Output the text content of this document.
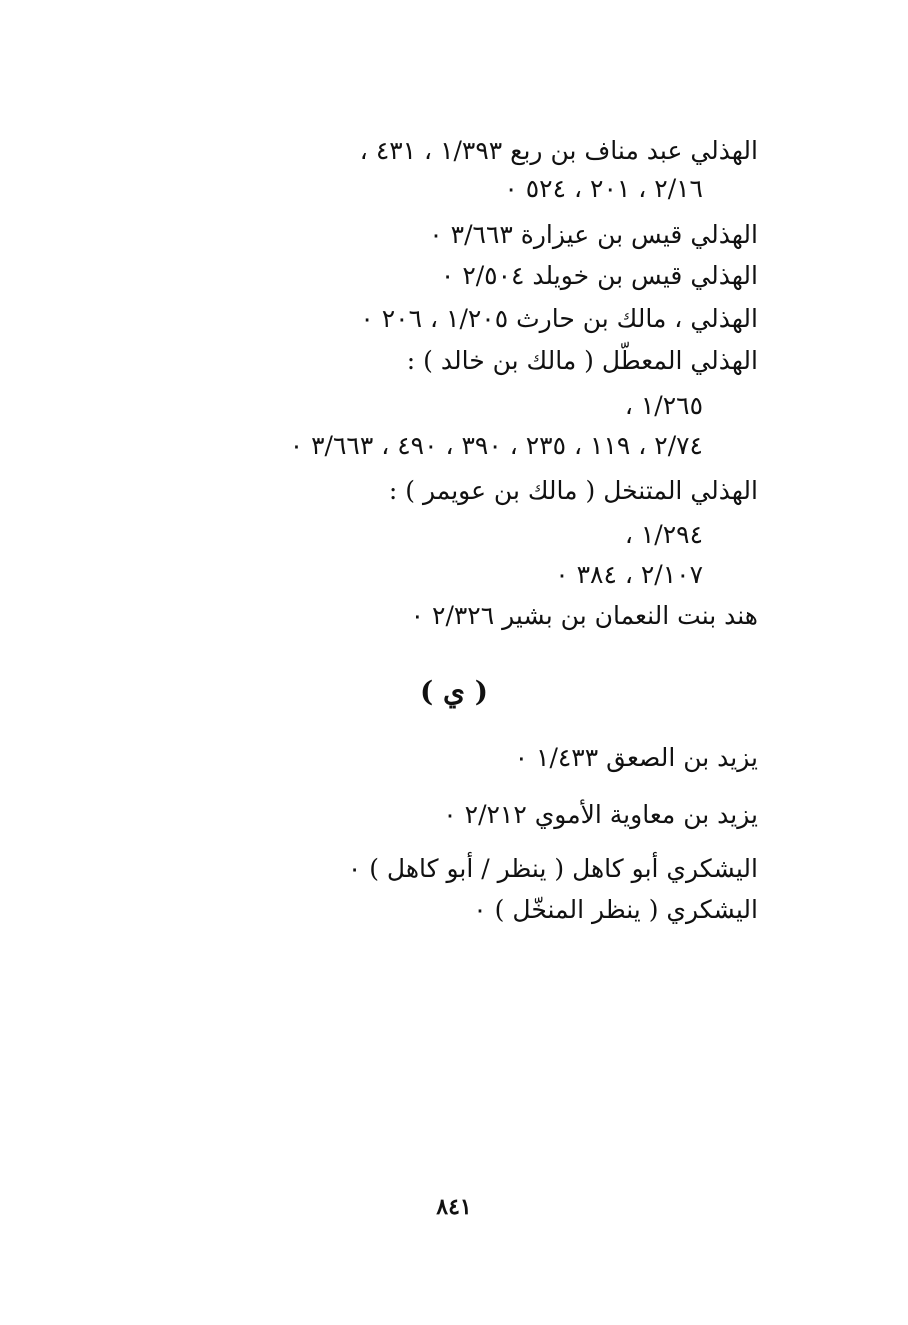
الهذلي عبد مناف بن ربع ١/٣٩٣ ، ٤٣١ ،
٢/١٦ ، ٢٠١ ، ٥٢٤ ٠
الهذلي قيس بن عيزارة ٣/٦٦٣ ٠
الهذلي قيس بن خويلد ٢/٥٠٤ ٠
الهذلي ، مالك بن حارث ١/٢٠٥ ، ٢٠٦ ٠
الهذلي المعطّل ( مالك بن خالد ) :
١/٢٦٥ ،
٢/٧٤ ، ١١٩ ، ٢٣٥ ، ٣٩٠ ، ٤٩٠ ، ٣/٦٦٣ ٠
الهذلي المتنخل ( مالك بن عويمر ) :
١/٢٩٤ ،
٢/١٠٧ ، ٣٨٤ ٠
هند بنت النعمان بن بشير ٢/٣٢٦ ٠
( ي )
يزيد بن الصعق ١/٤٣٣ ٠
يزيد بن معاوية الأموي ٢/٢١٢ ٠
اليشكري أبو كاهل ( ينظر / أبو كاهل ) ٠
اليشكري ( ينظر المنخّل ) ٠
٨٤١
